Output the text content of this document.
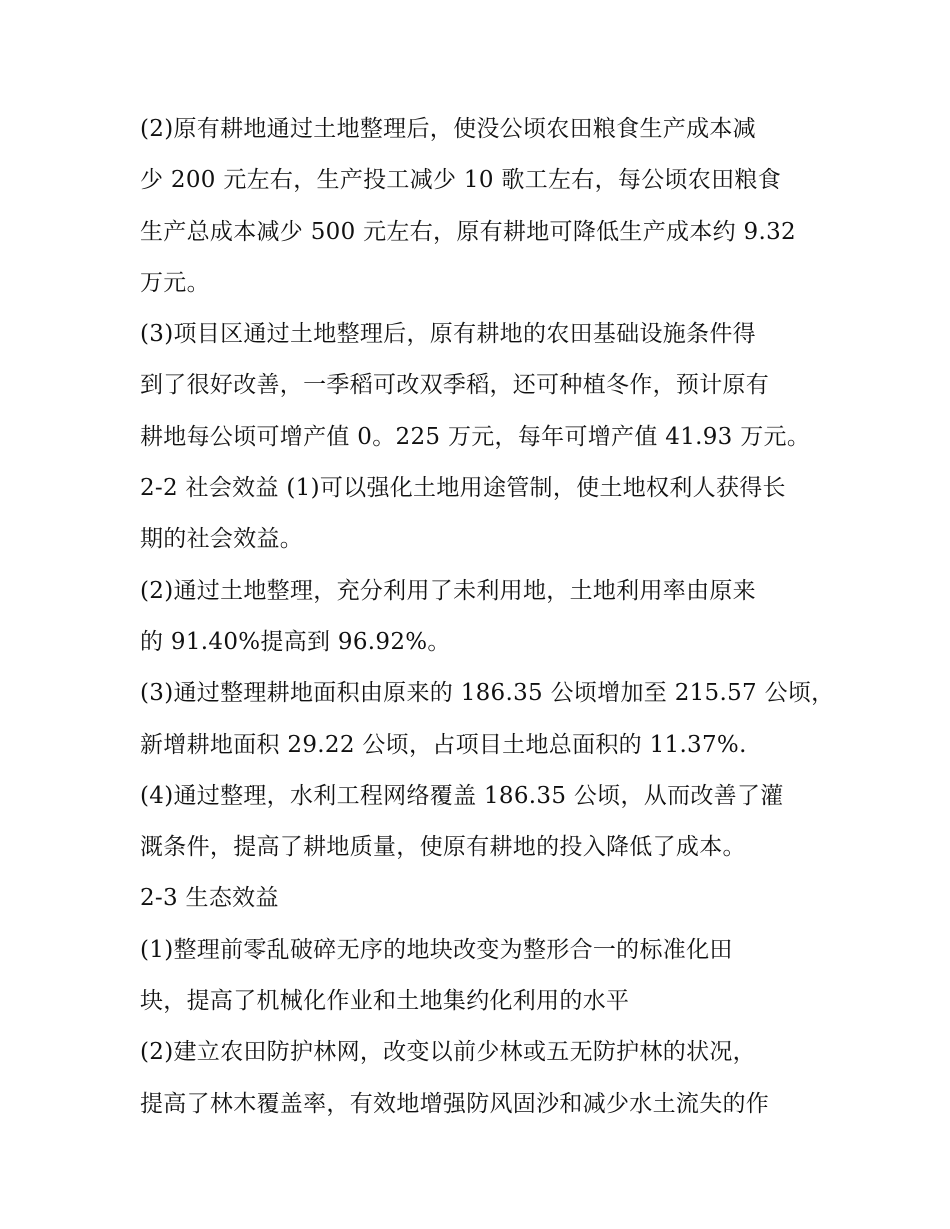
(2)原有耕地通过土地整理后，使没公顷农田粮食生产成本减
少 200 元左右，生产投工减少 10 歌工左右，每公顷农田粮食
生产总成本减少 500 元左右，原有耕地可降低生产成本约 9.32
万元。
(3)项目区通过土地整理后，原有耕地的农田基础设施条件得
到了很好改善，一季稻可改双季稻，还可种植冬作，预计原有
耕地每公顷可增产值 0。225 万元，每年可增产值 41.93 万元。
2-2 社会效益 (1)可以强化土地用途管制，使土地权利人获得长
期的社会效益。
(2)通过土地整理，充分利用了未利用地，土地利用率由原来
的 91.40%提高到 96.92%。
(3)通过整理耕地面积由原来的 186.35 公顷增加至 215.57 公顷，
新增耕地面积 29.22 公顷，占项目土地总面积的 11.37%.
(4)通过整理，水利工程网络覆盖 186.35 公顷，从而改善了灌
溉条件，提高了耕地质量，使原有耕地的投入降低了成本。
2-3 生态效益
(1)整理前零乱破碎无序的地块改变为整形合一的标准化田
块，提高了机械化作业和土地集约化利用的水平
(2)建立农田防护林网，改变以前少林或五无防护林的状况，
提高了林木覆盖率，有效地增强防风固沙和减少水土流失的作
